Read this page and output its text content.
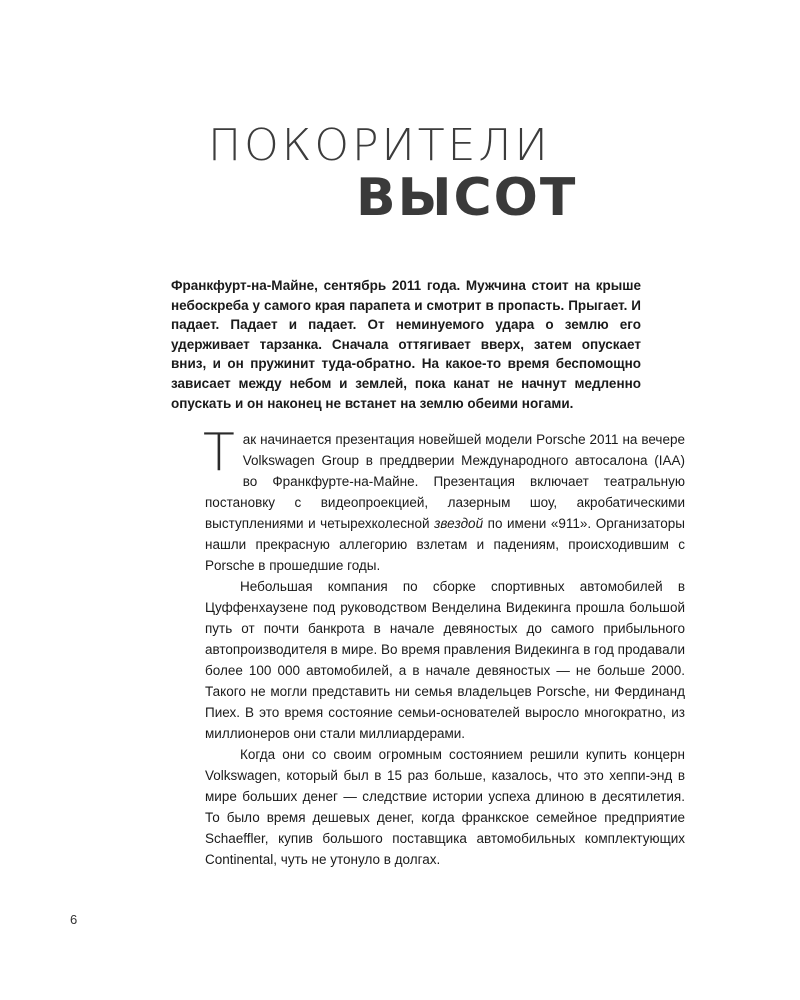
ПОКОРИТЕЛИ
ВЫСОТ

Франкфурт-на-Майне, сентябрь 2011 года. Мужчина стоит на крыше небоскреба у самого края парапета и смотрит в пропасть. Прыгает. И падает. Падает и падает. От неминуемого удара о землю его удерживает тарзанка. Сначала оттягивает вверх, затем опускает вниз, и он пружинит туда-обратно. На какое-то время беспомощно зависает между небом и землей, пока канат не начнут медленно опускать и он наконец не встанет на землю обеими ногами.

Так начинается презентация новейшей модели Porsche 2011 на вечере Volkswagen Group в преддверии Международного автосалона (IAA) во Франкфурте-на-Майне. Презентация включает театральную постановку с видеопроекцией, лазерным шоу, акробатическими выступлениями и четырехколесной звездой по имени «911». Организаторы нашли прекрасную аллегорию взлетам и падениям, происходившим с Porsche в прошедшие годы.

Небольшая компания по сборке спортивных автомобилей в Цуффенхаузене под руководством Венделина Видекинга прошла большой путь от почти банкрота в начале девяностых до самого прибыльного автопроизводителя в мире. Во время правления Видекинга в год продавали более 100 000 автомобилей, а в начале девяностых — не больше 2000. Такого не могли представить ни семья владельцев Porsche, ни Фердинанд Пиех. В это время состояние семьи-основателей выросло многократно, из миллионеров они стали миллиардерами.

Когда они со своим огромным состоянием решили купить концерн Volkswagen, который был в 15 раз больше, казалось, что это хеппи-энд в мире больших денег — следствие истории успеха длиною в десятилетия. То было время дешевых денег, когда франкское семейное предприятие Schaeffler, купив большого поставщика автомобильных комплектующих Continental, чуть не утонуло в долгах.

6
